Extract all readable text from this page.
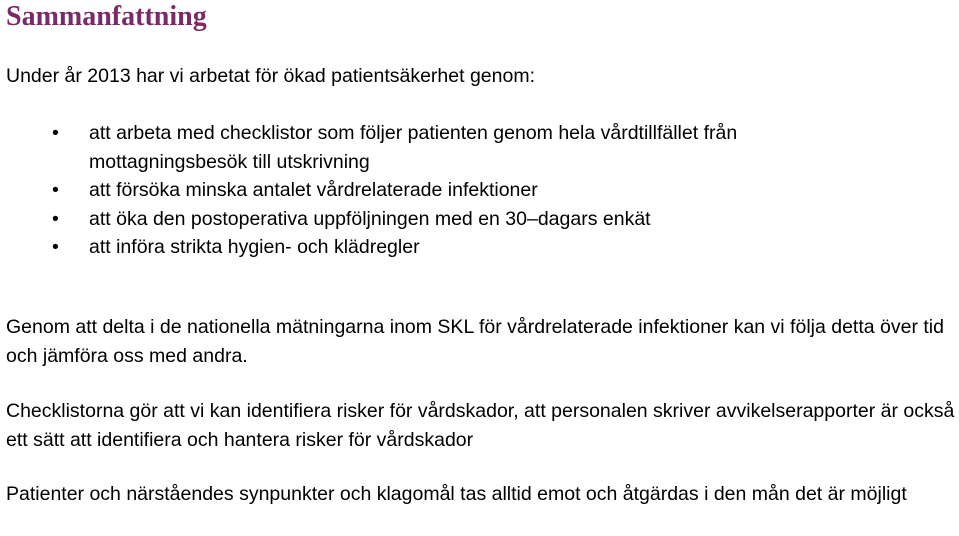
Sammanfattning

Under år 2013 har vi arbetat för ökad patientsäkerhet genom:

• att arbeta med checklistor som följer patienten genom hela vårdtillfället från mottagningsbesök till utskrivning
• att försöka minska antalet vårdrelaterade infektioner
• att öka den postoperativa uppföljningen med en 30–dagars enkät
• att införa strikta hygien- och klädregler

Genom att delta i de nationella mätningarna inom SKL för vårdrelaterade infektioner kan vi följa detta över tid och jämföra oss med andra.

Checklistorna gör att vi kan identifiera risker för vårdskador, att personalen skriver avvikelserapporter är också ett sätt att identifiera och hantera risker för vårdskador

Patienter och närståendes synpunkter och klagomål tas alltid emot och åtgärdas i den mån det är möjligt
